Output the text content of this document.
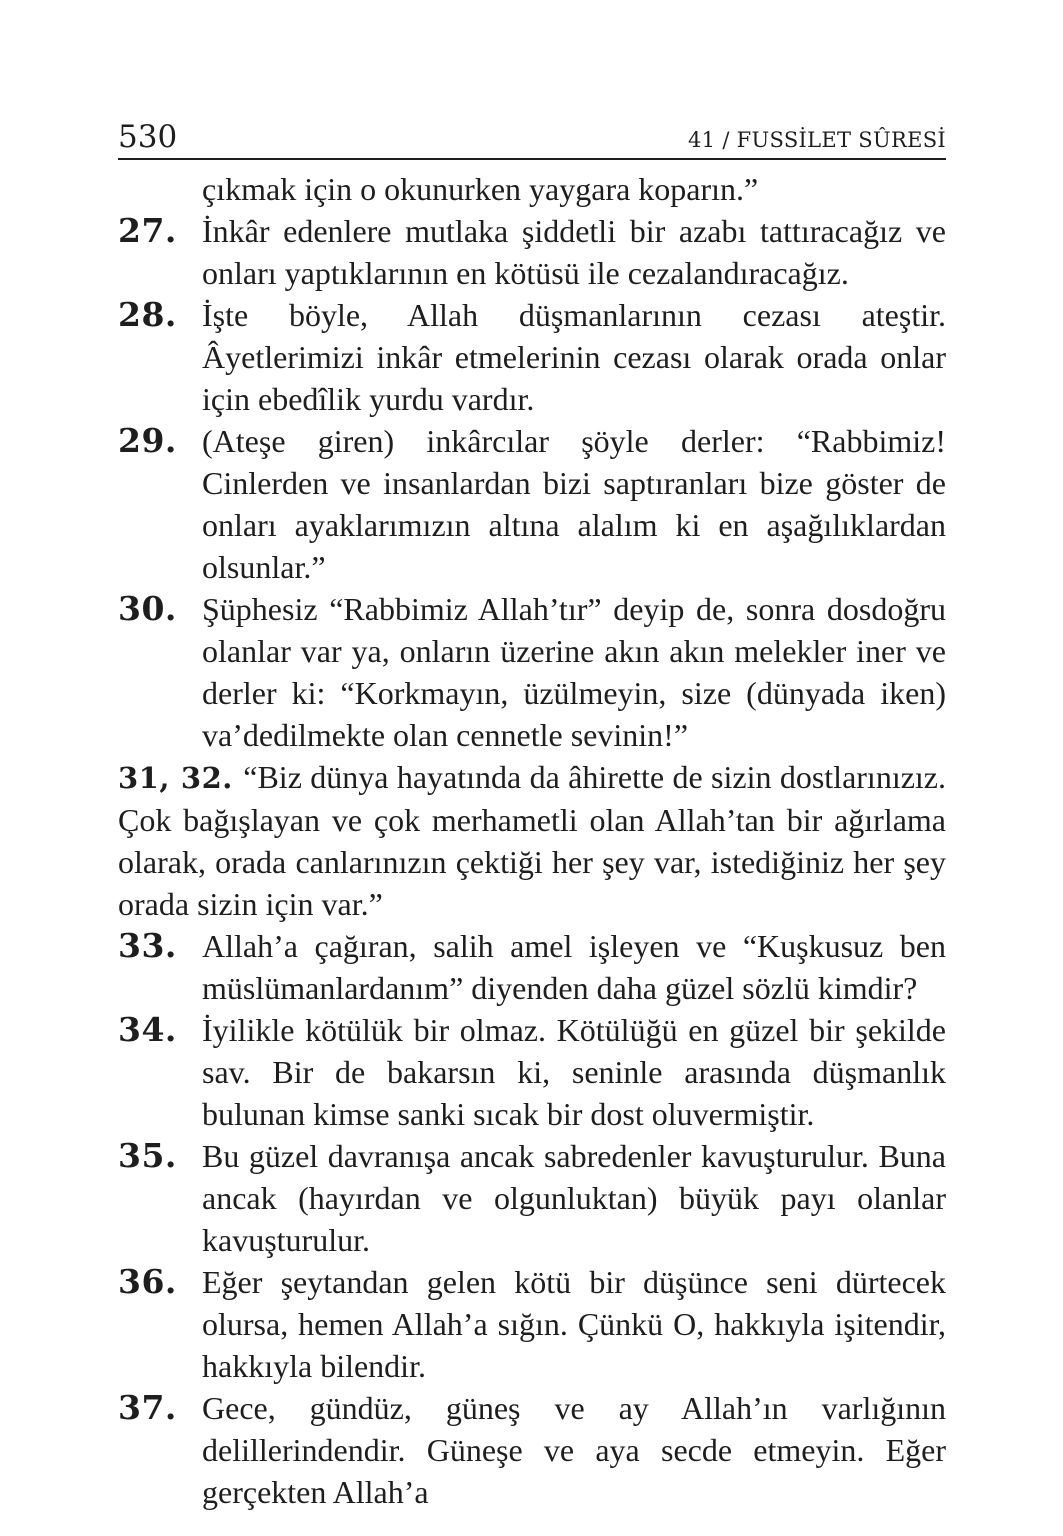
530	41 / FUSSİLET SÛRESİ

çıkmak için o okunurken yaygara koparın.”

27. İnkâr edenlere mutlaka şiddetli bir azabı tattıracağız ve onları yaptıklarının en kötüsü ile cezalandıracağız.
28. İşte böyle, Allah düşmanlarının cezası ateştir. Âyetlerimizi inkâr etmelerinin cezası olarak orada onlar için ebedîlik yurdu vardır.
29. (Ateşe giren) inkârcılar şöyle derler: “Rabbimiz! Cinlerden ve insanlardan bizi saptıranları bize göster de onları ayaklarımızın altına alalım ki en aşağılıklardan olsunlar.”
30. Şüphesiz “Rabbimiz Allah’tır” deyip de, sonra dosdoğru olanlar var ya, onların üzerine akın akın melekler iner ve derler ki: “Korkmayın, üzülmeyin, size (dünyada iken) va’dedilmekte olan cennetle sevinin!”
31, 32. “Biz dünya hayatında da âhirette de sizin dostlarınızız. Çok bağışlayan ve çok merhametli olan Allah’tan bir ağırlama olarak, orada canlarınızın çektiği her şey var, istediğiniz her şey orada sizin için var.”
33. Allah’a çağıran, salih amel işleyen ve “Kuşkusuz ben müslümanlardanım” diyenden daha güzel sözlü kimdir?
34. İyilikle kötülük bir olmaz. Kötülüğü en güzel bir şekilde sav. Bir de bakarsın ki, seninle arasında düşmanlık bulunan kimse sanki sıcak bir dost oluvermiştir.
35. Bu güzel davranışa ancak sabredenler kavuşturulur. Buna ancak (hayırdan ve olgunluktan) büyük payı olanlar kavuşturulur.
36. Eğer şeytandan gelen kötü bir düşünce seni dürtecek olursa, hemen Allah’a sığın. Çünkü O, hakkıyla işitendir, hakkıyla bilendir.
37. Gece, gündüz, güneş ve ay Allah’ın varlığının delillerindendir. Güneşe ve aya secde etmeyin. Eğer gerçekten Allah’a
